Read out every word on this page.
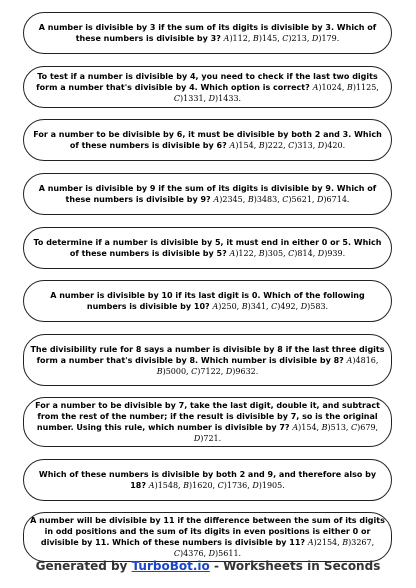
A number is divisible by 3 if the sum of its digits is divisible by 3. Which of these numbers is divisible by 3? A)112, B)145, C)213, D)179.

To test if a number is divisible by 4, you need to check if the last two digits form a number that's divisible by 4. Which option is correct? A)1024, B)1125, C)1331, D)1433.

For a number to be divisible by 6, it must be divisible by both 2 and 3. Which of these numbers is divisible by 6? A)154, B)222, C)313, D)420.

A number is divisible by 9 if the sum of its digits is divisible by 9. Which of these numbers is divisible by 9? A)2345, B)3483, C)5621, D)6714.

To determine if a number is divisible by 5, it must end in either 0 or 5. Which of these numbers is divisible by 5? A)122, B)305, C)814, D)939.

A number is divisible by 10 if its last digit is 0. Which of the following numbers is divisible by 10? A)250, B)341, C)492, D)583.

The divisibility rule for 8 says a number is divisible by 8 if the last three digits form a number that's divisible by 8. Which number is divisible by 8? A)4816, B)5000, C)7122, D)9632.

For a number to be divisible by 7, take the last digit, double it, and subtract from the rest of the number; if the result is divisible by 7, so is the original number. Using this rule, which number is divisible by 7? A)154, B)513, C)679, D)721.

Which of these numbers is divisible by both 2 and 9, and therefore also by 18? A)1548, B)1620, C)1736, D)1905.

A number will be divisible by 11 if the difference between the sum of its digits in odd positions and the sum of its digits in even positions is either 0 or divisible by 11. Which of these numbers is divisible by 11? A)2154, B)3267, C)4376, D)5611.

Generated by TurboBot.io - Worksheets in Seconds
